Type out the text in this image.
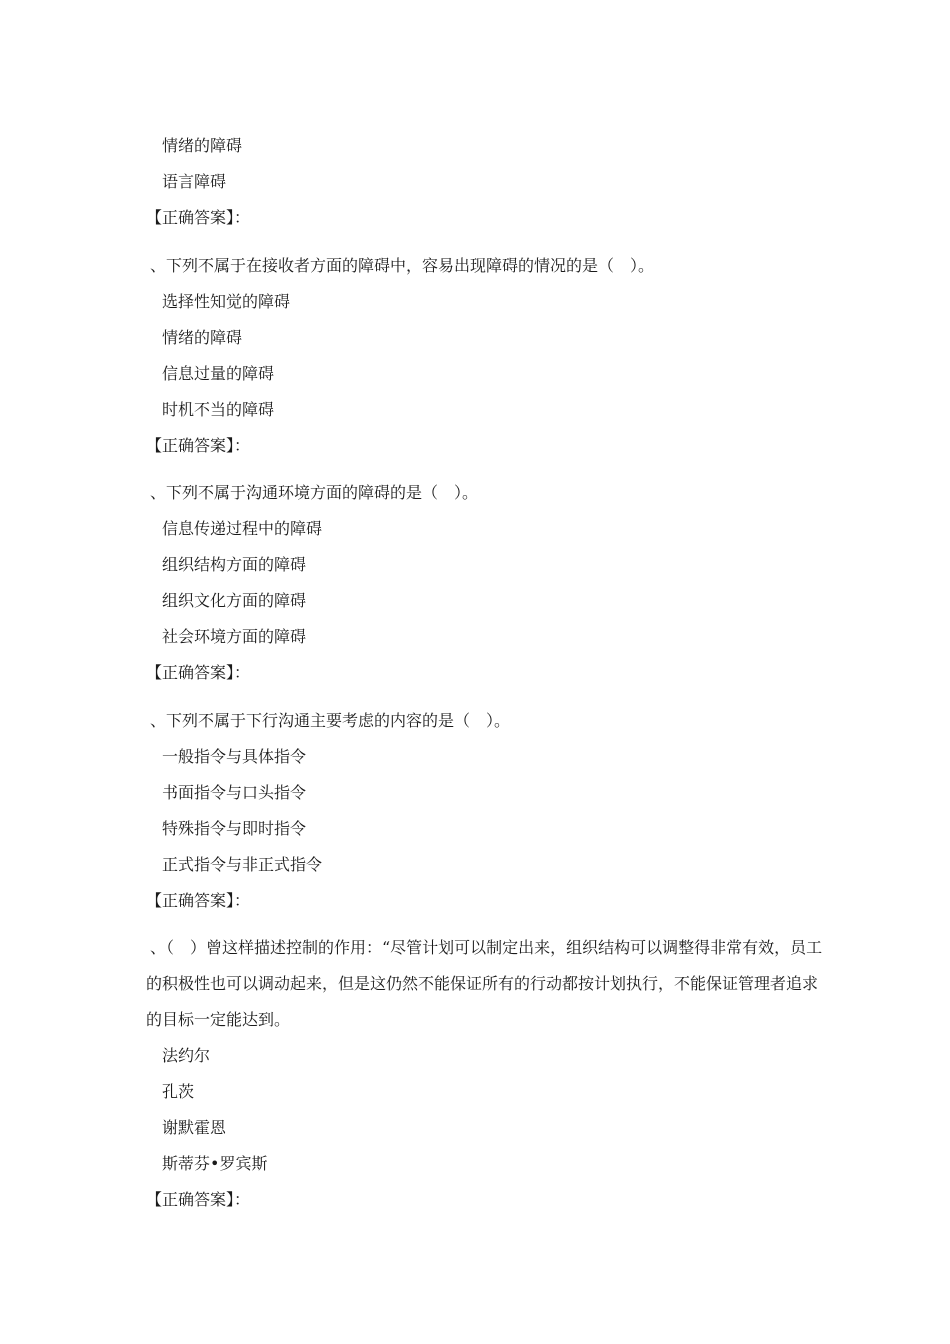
情绪的障碍
语言障碍
【正确答案】：
、下列不属于在接收者方面的障碍中，容易出现障碍的情况的是（　）。
选择性知觉的障碍
情绪的障碍
信息过量的障碍
时机不当的障碍
【正确答案】：
、下列不属于沟通环境方面的障碍的是（　）。
信息传递过程中的障碍
组织结构方面的障碍
组织文化方面的障碍
社会环境方面的障碍
【正确答案】：
、下列不属于下行沟通主要考虑的内容的是（　）。
一般指令与具体指令
书面指令与口头指令
特殊指令与即时指令
正式指令与非正式指令
【正确答案】：
、（　）曾这样描述控制的作用：“尽管计划可以制定出来，组织结构可以调整得非常有效，员工的积极性也可以调动起来，但是这仍然不能保证所有的行动都按计划执行，不能保证管理者追求的目标一定能达到。
法约尔
孔茨
谢默霍恩
斯蒂芬•罗宾斯
【正确答案】：
